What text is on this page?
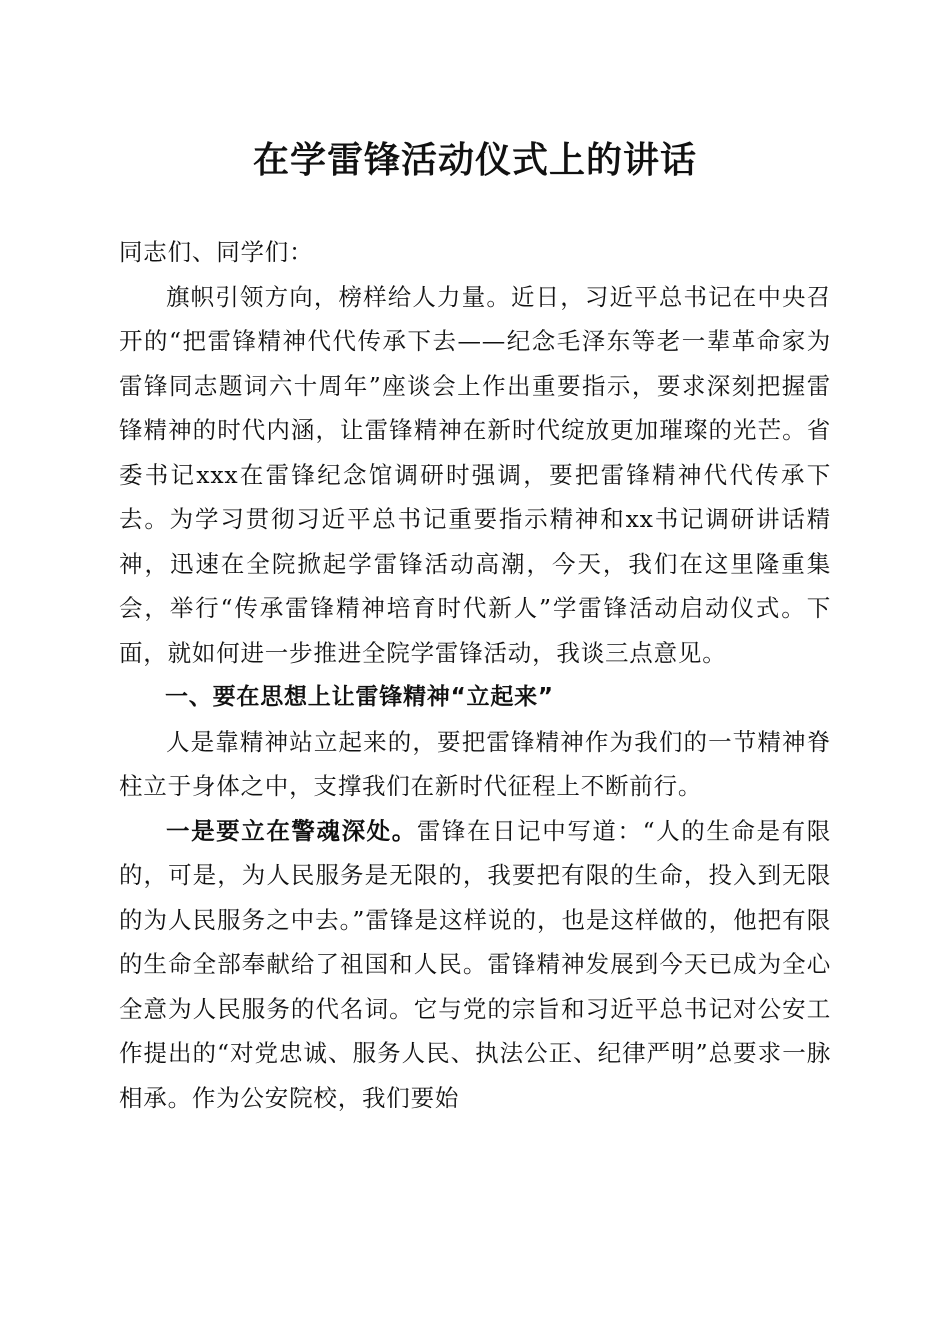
在学雷锋活动仪式上的讲话

同志们、同学们：

旗帜引领方向，榜样给人力量。近日，习近平总书记在中央召开的“把雷锋精神代代传承下去——纪念毛泽东等老一辈革命家为雷锋同志题词六十周年”座谈会上作出重要指示，要求深刻把握雷锋精神的时代内涵，让雷锋精神在新时代绽放更加璀璨的光芒。省委书记xxx在雷锋纪念馆调研时强调，要把雷锋精神代代传承下去。为学习贯彻习近平总书记重要指示精神和xx书记调研讲话精神，迅速在全院掀起学雷锋活动高潮，今天，我们在这里隆重集会，举行“传承雷锋精神培育时代新人”学雷锋活动启动仪式。下面，就如何进一步推进全院学雷锋活动，我谈三点意见。

一、要在思想上让雷锋精神“立起来”

人是靠精神站立起来的，要把雷锋精神作为我们的一节精神脊柱立于身体之中，支撑我们在新时代征程上不断前行。

一是要立在警魂深处。雷锋在日记中写道：“人的生命是有限的，可是，为人民服务是无限的，我要把有限的生命，投入到无限的为人民服务之中去。”雷锋是这样说的，也是这样做的，他把有限的生命全部奉献给了祖国和人民。雷锋精神发展到今天已成为全心全意为人民服务的代名词。它与党的宗旨和习近平总书记对公安工作提出的“对党忠诚、服务人民、执法公正、纪律严明”总要求一脉相承。作为公安院校，我们要始
